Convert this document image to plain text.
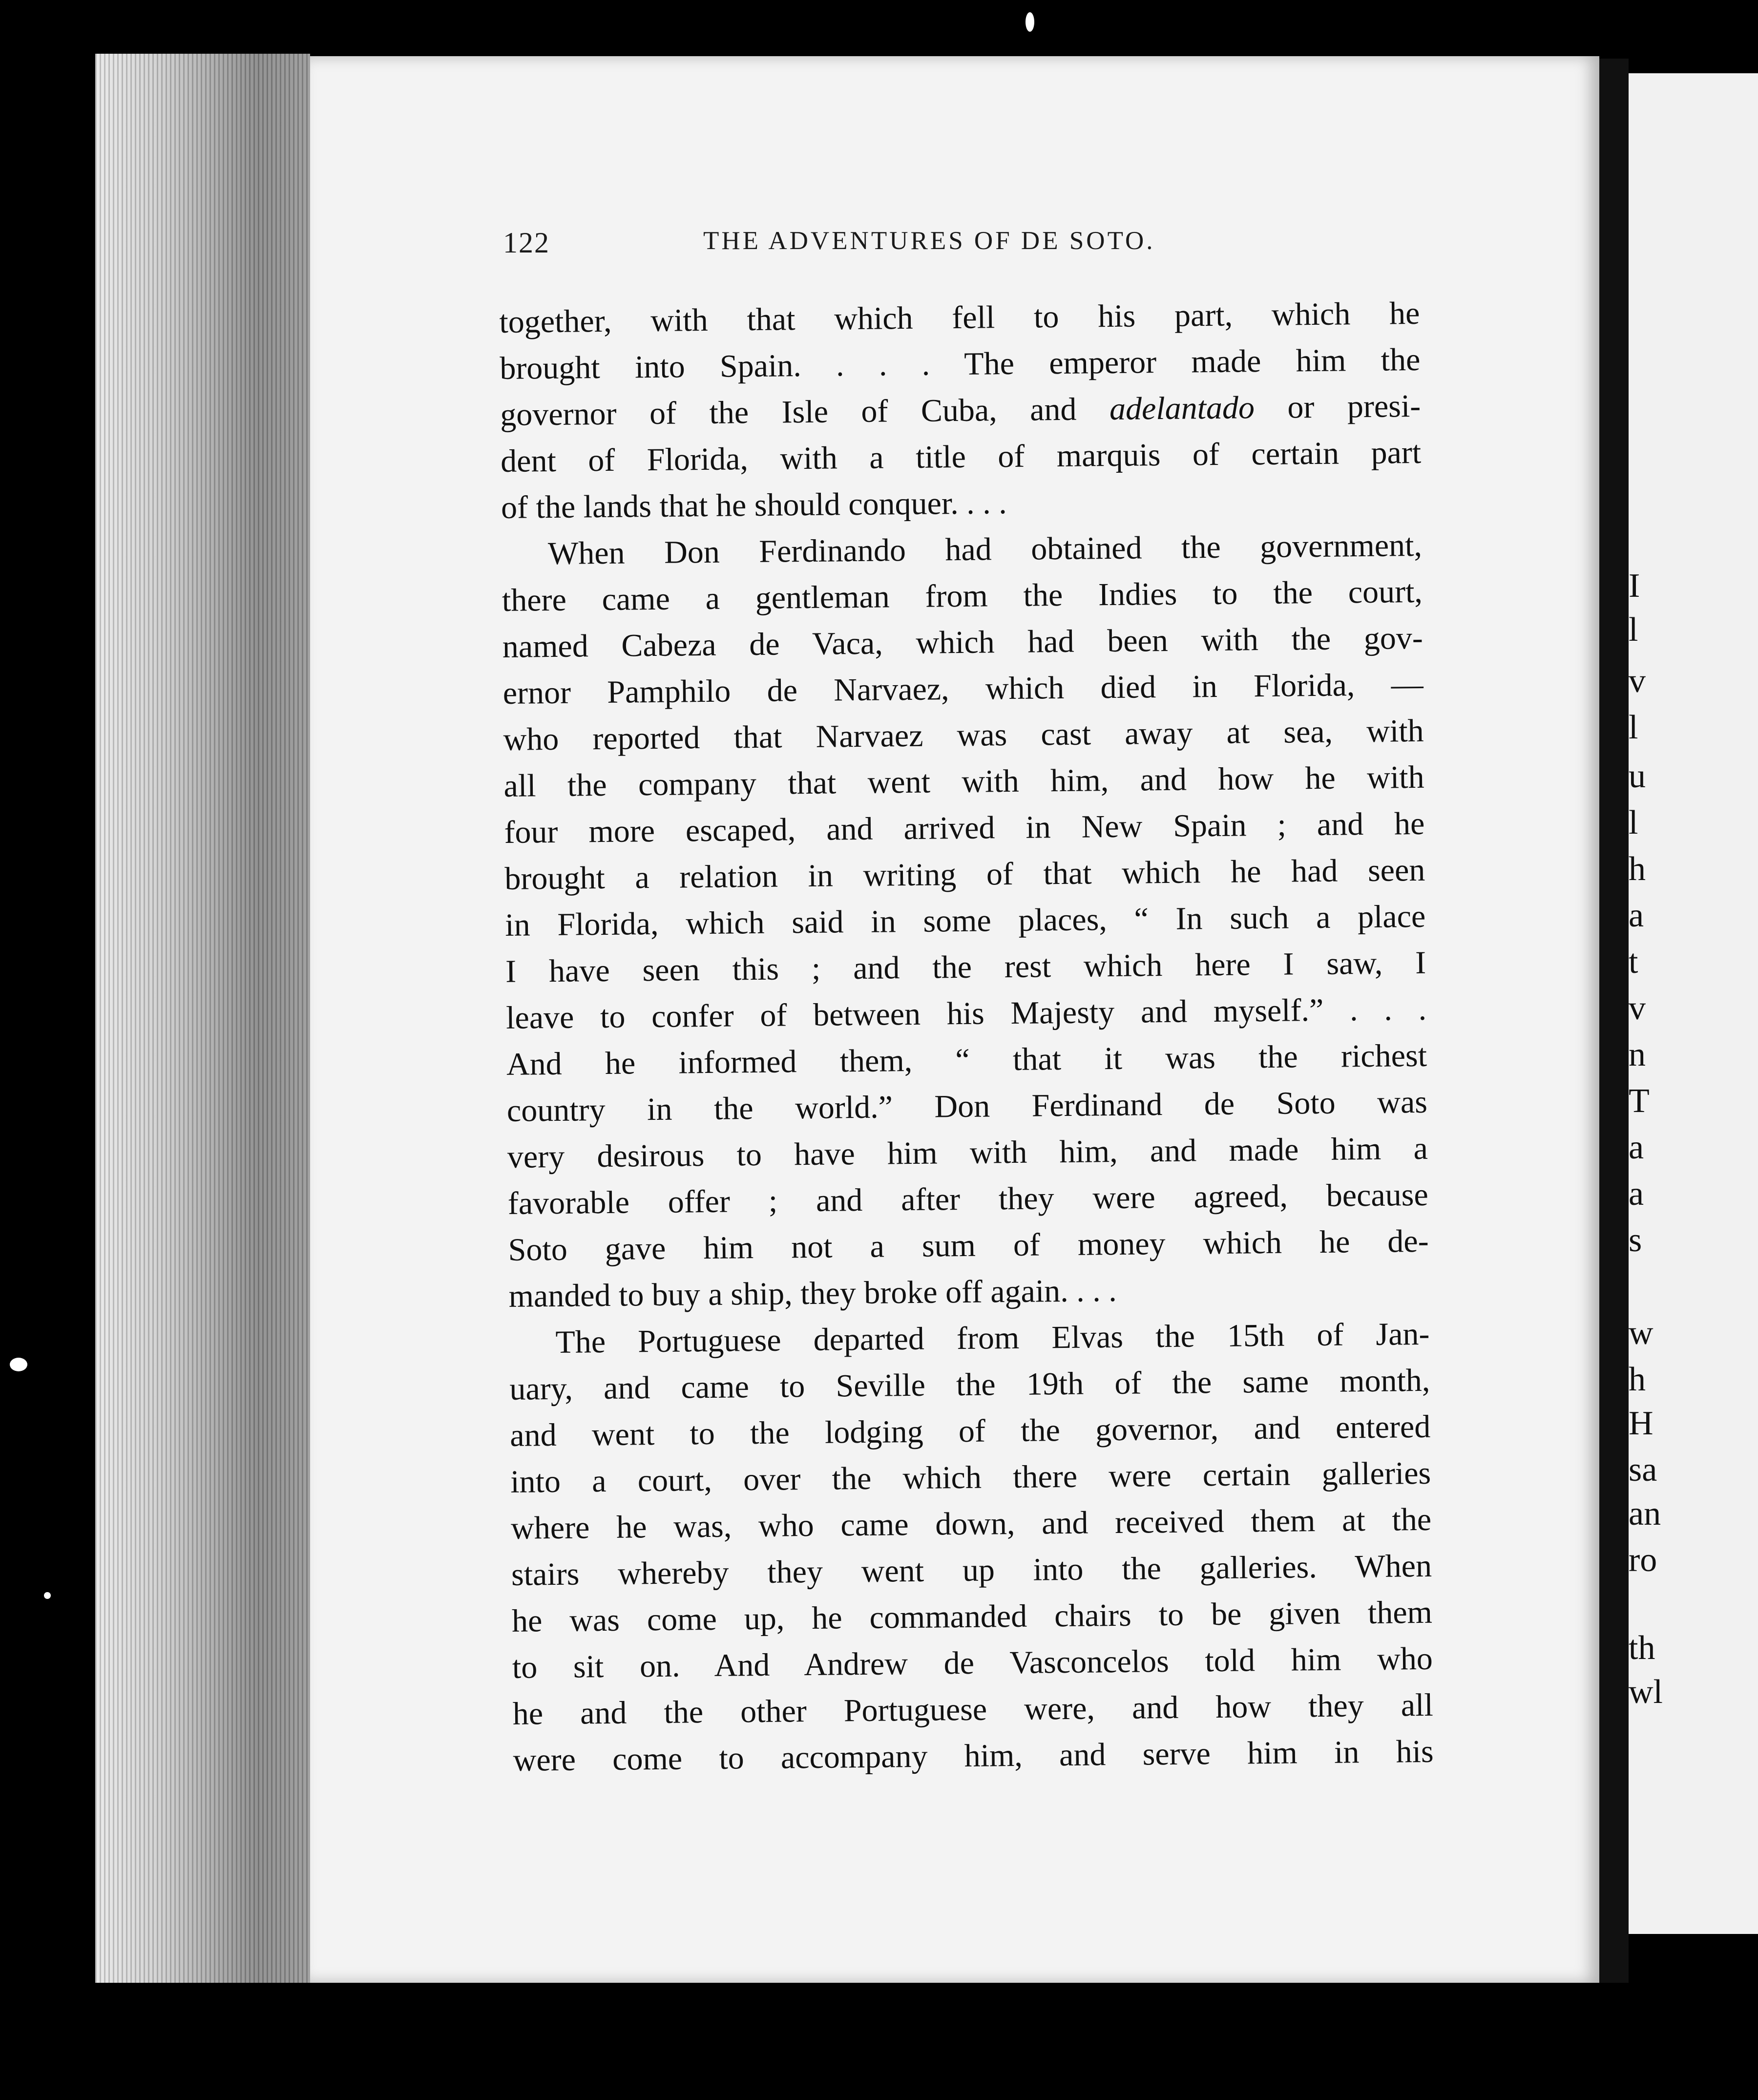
I
l
v
l
u
l
h
a
t
v
n
T
a
a
s
w
h
H
sa
an
ro
th
wl
122	THE ADVENTURES OF DE SOTO.
together, with that which fell to his part, which he
brought into Spain. . . . The emperor made him the
governor of the Isle of Cuba, and adelantado or presi-
dent of Florida, with a title of marquis of certain part
of the lands that he should conquer. . . .
When Don Ferdinando had obtained the government,
there came a gentleman from the Indies to the court,
named Cabeza de Vaca, which had been with the gov-
ernor Pamphilo de Narvaez, which died in Florida, —
who reported that Narvaez was cast away at sea, with
all the company that went with him, and how he with
four more escaped, and arrived in New Spain ; and he
brought a relation in writing of that which he had seen
in Florida, which said in some places, “ In such a place
I have seen this ; and the rest which here I saw, I
leave to confer of between his Majesty and myself.” . . .
And he informed them, “ that it was the richest
country in the world.” Don Ferdinand de Soto was
very desirous to have him with him, and made him a
favorable offer ; and after they were agreed, because
Soto gave him not a sum of money which he de-
manded to buy a ship, they broke off again. . . .
The Portuguese departed from Elvas the 15th of Jan-
uary, and came to Seville the 19th of the same month,
and went to the lodging of the governor, and entered
into a court, over the which there were certain galleries
where he was, who came down, and received them at the
stairs whereby they went up into the galleries. When
he was come up, he commanded chairs to be given them
to sit on. And Andrew de Vasconcelos told him who
he and the other Portuguese were, and how they all
were come to accompany him, and serve him in his
